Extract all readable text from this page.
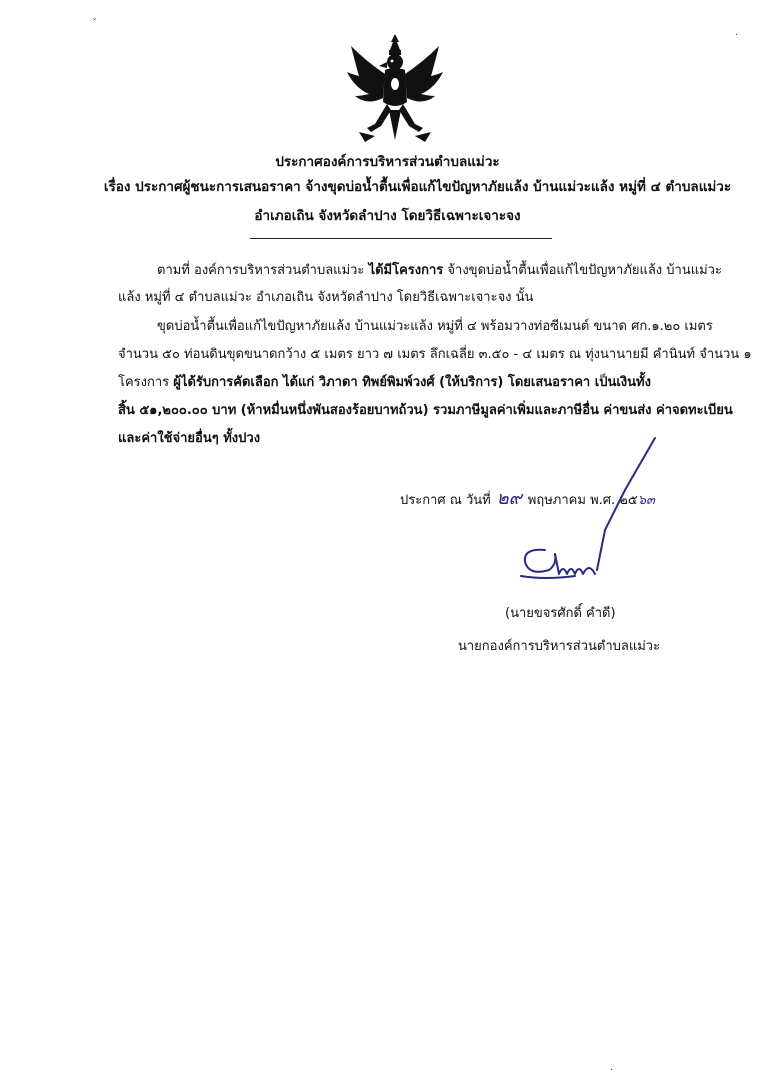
ประกาศองค์การบริหารส่วนตำบลแม่วะ
เรื่อง ประกาศผู้ชนะการเสนอราคา จ้างขุดบ่อน้ำตื้นเพื่อแก้ไขปัญหาภัยแล้ง บ้านแม่วะแล้ง หมู่ที่ ๔ ตำบลแม่วะ
อำเภอเถิน จังหวัดลำปาง โดยวิธีเฉพาะเจาะจง
ตามที่ องค์การบริหารส่วนตำบลแม่วะ ได้มีโครงการ จ้างขุดบ่อน้ำตื้นเพื่อแก้ไขปัญหาภัยแล้ง บ้านแม่วะ
แล้ง หมู่ที่ ๔ ตำบลแม่วะ อำเภอเถิน จังหวัดลำปาง โดยวิธีเฉพาะเจาะจง นั้น
ขุดบ่อน้ำตื้นเพื่อแก้ไขปัญหาภัยแล้ง บ้านแม่วะแล้ง หมู่ที่ ๔ พร้อมวางท่อซีเมนต์ ขนาด ศก.๑.๒๐ เมตร
จำนวน ๕๐ ท่อนดินขุดขนาดกว้าง ๕ เมตร ยาว ๗ เมตร ลึกเฉลี่ย ๓.๕๐ - ๔ เมตร ณ ทุ่งนานายมี คำนินท์ จำนวน ๑
โครงการ ผู้ได้รับการคัดเลือก ได้แก่ วิภาดา ทิพย์พิมพ์วงศ์ (ให้บริการ) โดยเสนอราคา เป็นเงินทั้ง
สิ้น ๕๑,๒๐๐.๐๐ บาท (ห้าหมื่นหนึ่งพันสองร้อยบาทถ้วน) รวมภาษีมูลค่าเพิ่มและภาษีอื่น ค่าขนส่ง ค่าจดทะเบียน
และค่าใช้จ่ายอื่นๆ ทั้งปวง
ประกาศ ณ วันที่ ๒๙ พฤษภาคม พ.ศ. ๒๕๖๓
(นายขจรศักดิ์ คำดี)
นายกองค์การบริหารส่วนตำบลแม่วะ
ˇ
·
·
